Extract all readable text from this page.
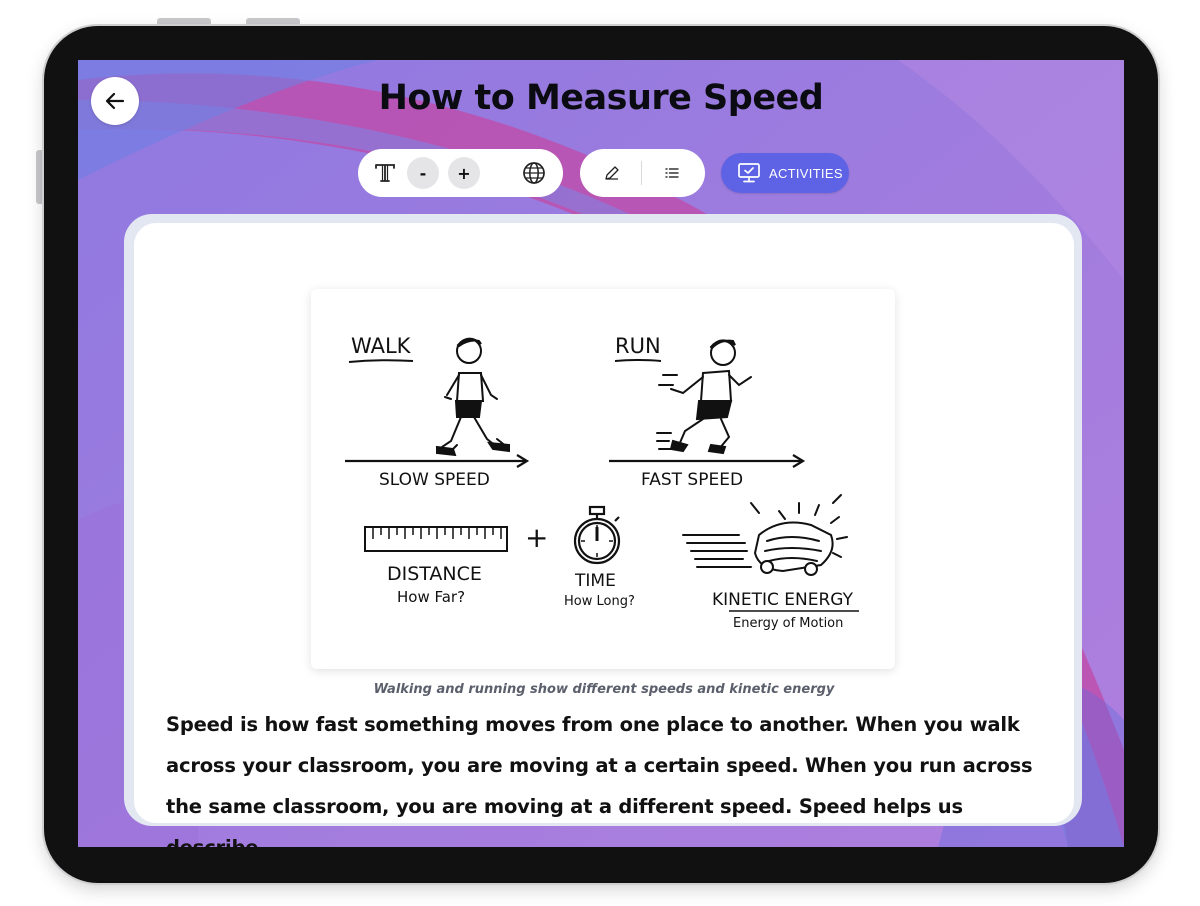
How to Measure Speed
-	+	ACTIVITIES
WALK
SLOW SPEED
RUN
FAST SPEED
DISTANCE
How Far?
+
TIME
How Long?	KINETIC ENERGY
Energy of Motion
Walking and running show different speeds and kinetic energy
Speed is how fast something moves from one place to another. When you walk across your classroom, you are moving at a certain speed. When you run across the same classroom, you are moving at a different speed. Speed helps us describe
